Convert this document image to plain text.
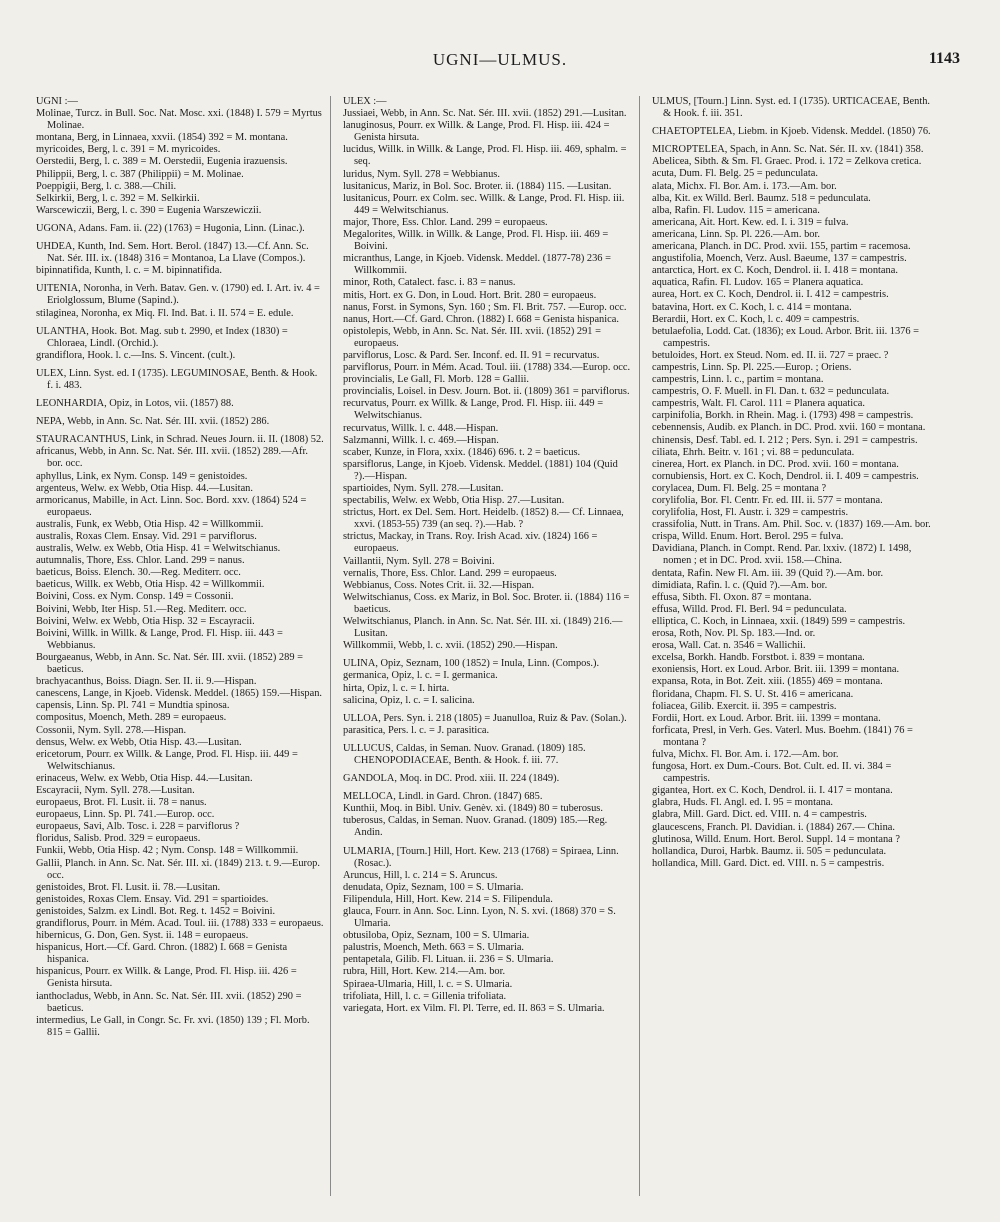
UGNI—ULMUS.	1143

UGNI :—

Molinae, Turcz. in Bull. Soc. Nat. Mosc. xxi. (1848) I. 579 = Myrtus Molinae.

montana, Berg, in Linnaea, xxvii. (1854) 392 = M. montana.

myricoides, Berg, l. c. 391 = M. myricoides.

Oerstedii, Berg, l. c. 389 = M. Oerstedii, Eugenia irazuensis.

Philippii, Berg, l. c. 387 (Philippii) = M. Molinae.

Poeppigii, Berg, l. c. 388.—Chili.

Selkirkii, Berg, l. c. 392 = M. Selkirkii.

Warscewiczii, Berg, l. c. 390 = Eugenia Warszewiczii.

UGONA, Adans. Fam. ii. (22) (1763) = Hugonia, Linn. (Linac.).

UHDEA, Kunth, Ind. Sem. Hort. Berol. (1847) 13.—Cf. Ann. Sc. Nat. Sér. III. ix. (1848) 316 = Montanoa, La Llave (Compos.).

bipinnatifida, Kunth, l. c. = M. bipinnatifida.

UITENIA, Noronha, in Verh. Batav. Gen. v. (1790) ed. I. Art. iv. 4 = Eriolglossum, Blume (Sapind.).

stilaginea, Noronha, ex Miq. Fl. Ind. Bat. i. II. 574 = E. edule.

ULANTHA, Hook. Bot. Mag. sub t. 2990, et Index (1830) = Chloraea, Lindl. (Orchid.).

grandiflora, Hook. l. c.—Ins. S. Vincent. (cult.).

ULEX, Linn. Syst. ed. I (1735). LEGUMINOSAE, Benth. & Hook. f. i. 483.

LEONHARDIA, Opiz, in Lotos, vii. (1857) 88.

NEPA, Webb, in Ann. Sc. Nat. Sér. III. xvii. (1852) 286.

STAURACANTHUS, Link, in Schrad. Neues Journ. ii. II. (1808) 52.

africanus, Webb, in Ann. Sc. Nat. Sér. III. xvii. (1852) 289.—Afr. bor. occ.

aphyllus, Link, ex Nym. Consp. 149 = genistoides.

argenteus, Welw. ex Webb, Otia Hisp. 44.—Lusitan.

armoricanus, Mabille, in Act. Linn. Soc. Bord. xxv. (1864) 524 = europaeus.

australis, Funk, ex Webb, Otia Hisp. 42 = Willkommii.

australis, Roxas Clem. Ensay. Vid. 291 = parviflorus.

australis, Welw. ex Webb, Otia Hisp. 41 = Welwitschianus.

autumnalis, Thore, Ess. Chlor. Land. 299 = nanus.

baeticus, Boiss. Elench. 30.—Reg. Mediterr. occ.

baeticus, Willk. ex Webb, Otia Hisp. 42 = Willkommii.

Boivini, Coss. ex Nym. Consp. 149 = Cossonii.

Boivini, Webb, Iter Hisp. 51.—Reg. Mediterr. occ.

Boivini, Welw. ex Webb, Otia Hisp. 32 = Escayracii.

Boivini, Willk. in Willk. & Lange, Prod. Fl. Hisp. iii. 443 = Webbianus.

Bourgaeanus, Webb, in Ann. Sc. Nat. Sér. III. xvii. (1852) 289 = baeticus.

brachyacanthus, Boiss. Diagn. Ser. II. ii. 9.—Hispan.

canescens, Lange, in Kjoeb. Vidensk. Meddel. (1865) 159.—Hispan.

capensis, Linn. Sp. Pl. 741 = Mundtia spinosa.

compositus, Moench, Meth. 289 = europaeus.

Cossonii, Nym. Syll. 278.—Hispan.

densus, Welw. ex Webb, Otia Hisp. 43.—Lusitan.

ericetorum, Pourr. ex Willk. & Lange, Prod. Fl. Hisp. iii. 449 = Welwitschianus.

erinaceus, Welw. ex Webb, Otia Hisp. 44.—Lusitan.

Escayracii, Nym. Syll. 278.—Lusitan.

europaeus, Brot. Fl. Lusit. ii. 78 = nanus.

europaeus, Linn. Sp. Pl. 741.—Europ. occ.

europaeus, Savi, Alb. Tosc. i. 228 = parviflorus ?

floridus, Salisb. Prod. 329 = europaeus.

Funkii, Webb, Otia Hisp. 42 ; Nym. Consp. 148 = Willkommii.

Gallii, Planch. in Ann. Sc. Nat. Sér. III. xi. (1849) 213. t. 9.—Europ. occ.

genistoides, Brot. Fl. Lusit. ii. 78.—Lusitan.

genistoides, Roxas Clem. Ensay. Vid. 291 = spartioides.

genistoides, Salzm. ex Lindl. Bot. Reg. t. 1452 = Boivini.

grandiflorus, Pourr. in Mém. Acad. Toul. iii. (1788) 333 = europaeus.

hibernicus, G. Don, Gen. Syst. ii. 148 = europaeus.

hispanicus, Hort.—Cf. Gard. Chron. (1882) I. 668 = Genista hispanica.

hispanicus, Pourr. ex Willk. & Lange, Prod. Fl. Hisp. iii. 426 = Genista hirsuta.

ianthocladus, Webb, in Ann. Sc. Nat. Sér. III. xvii. (1852) 290 = baeticus.

intermedius, Le Gall, in Congr. Sc. Fr. xvi. (1850) 139 ; Fl. Morb. 815 = Gallii.

ULEX :—

Jussiaei, Webb, in Ann. Sc. Nat. Sér. III. xvii. (1852) 291.—Lusitan.

lanuginosus, Pourr. ex Willk. & Lange, Prod. Fl. Hisp. iii. 424 = Genista hirsuta.

lucidus, Willk. in Willk. & Lange, Prod. Fl. Hisp. iii. 469, sphalm. = seq.

luridus, Nym. Syll. 278 = Webbianus.

lusitanicus, Mariz, in Bol. Soc. Broter. ii. (1884) 115. —Lusitan.

lusitanicus, Pourr. ex Colm. sec. Willk. & Lange, Prod. Fl. Hisp. iii. 449 = Welwitschianus.

major, Thore, Ess. Chlor. Land. 299 = europaeus.

Megalorites, Willk. in Willk. & Lange, Prod. Fl. Hisp. iii. 469 = Boivini.

micranthus, Lange, in Kjoeb. Vidensk. Meddel. (1877-78) 236 = Willkommii.

minor, Roth, Catalect. fasc. i. 83 = nanus.

mitis, Hort. ex G. Don, in Loud. Hort. Brit. 280 = europaeus.

nanus, Forst. in Symons, Syn. 160 ; Sm. Fl. Brit. 757. —Europ. occ.

nanus, Hort.—Cf. Gard. Chron. (1882) I. 668 = Genista hispanica.

opistolepis, Webb, in Ann. Sc. Nat. Sér. III. xvii. (1852) 291 = europaeus.

parviflorus, Losc. & Pard. Ser. Inconf. ed. II. 91 = recurvatus.

parviflorus, Pourr. in Mém. Acad. Toul. iii. (1788) 334.—Europ. occ.

provincialis, Le Gall, Fl. Morb. 128 = Gallii.

provincialis, Loisel. in Desv. Journ. Bot. ii. (1809) 361 = parviflorus.

recurvatus, Pourr. ex Willk. & Lange, Prod. Fl. Hisp. iii. 449 = Welwitschianus.

recurvatus, Willk. l. c. 448.—Hispan.

Salzmanni, Willk. l. c. 469.—Hispan.

scaber, Kunze, in Flora, xxix. (1846) 696. t. 2 = baeticus.

sparsiflorus, Lange, in Kjoeb. Vidensk. Meddel. (1881) 104 (Quid ?).—Hispan.

spartioides, Nym. Syll. 278.—Lusitan.

spectabilis, Welw. ex Webb, Otia Hisp. 27.—Lusitan.

strictus, Hort. ex Del. Sem. Hort. Heidelb. (1852) 8.— Cf. Linnaea, xxvi. (1853-55) 739 (an seq. ?).—Hab. ?

strictus, Mackay, in Trans. Roy. Irish Acad. xiv. (1824) 166 = europaeus.

Vaillantii, Nym. Syll. 278 = Boivini.

vernalis, Thore, Ess. Chlor. Land. 299 = europaeus.

Webbianus, Coss. Notes Crit. ii. 32.—Hispan.

Welwitschianus, Coss. ex Mariz, in Bol. Soc. Broter. ii. (1884) 116 = baeticus.

Welwitschianus, Planch. in Ann. Sc. Nat. Sér. III. xi. (1849) 216.—Lusitan.

Willkommii, Webb, l. c. xvii. (1852) 290.—Hispan.

ULINA, Opiz, Seznam, 100 (1852) = Inula, Linn. (Compos.).

germanica, Opiz, l. c. = I. germanica.

hirta, Opiz, l. c. = I. hirta.

salicina, Opiz, l. c. = I. salicina.

ULLOA, Pers. Syn. i. 218 (1805) = Juanulloa, Ruiz & Pav. (Solan.).

parasitica, Pers. l. c. = J. parasitica.

ULLUCUS, Caldas, in Seman. Nuov. Granad. (1809) 185. CHENOPODIACEAE, Benth. & Hook. f. iii. 77.

GANDOLA, Moq. in DC. Prod. xiii. II. 224 (1849).

MELLOCA, Lindl. in Gard. Chron. (1847) 685.

Kunthii, Moq. in Bibl. Univ. Genèv. xi. (1849) 80 = tuberosus.

tuberosus, Caldas, in Seman. Nuov. Granad. (1809) 185.—Reg. Andin.

ULMARIA, [Tourn.] Hill, Hort. Kew. 213 (1768) = Spiraea, Linn. (Rosac.).

Aruncus, Hill, l. c. 214 = S. Aruncus.

denudata, Opiz, Seznam, 100 = S. Ulmaria.

Filipendula, Hill, Hort. Kew. 214 = S. Filipendula.

glauca, Fourr. in Ann. Soc. Linn. Lyon, N. S. xvi. (1868) 370 = S. Ulmaria.

obtusiloba, Opiz, Seznam, 100 = S. Ulmaria.

palustris, Moench, Meth. 663 = S. Ulmaria.

pentapetala, Gilib. Fl. Lituan. ii. 236 = S. Ulmaria.

rubra, Hill, Hort. Kew. 214.—Am. bor.

Spiraea-Ulmaria, Hill, l. c. = S. Ulmaria.

trifoliata, Hill, l. c. = Gillenia trifoliata.

variegata, Hort. ex Vilm. Fl. Pl. Terre, ed. II. 863 = S. Ulmaria.

ULMUS, [Tourn.] Linn. Syst. ed. I (1735). URTICACEAE, Benth. & Hook. f. iii. 351.

CHAETOPTELEA, Liebm. in Kjoeb. Vidensk. Meddel. (1850) 76.

MICROPTELEA, Spach, in Ann. Sc. Nat. Sér. II. xv. (1841) 358.

Abelicea, Sibth. & Sm. Fl. Graec. Prod. i. 172 = Zelkova cretica.

acuta, Dum. Fl. Belg. 25 = pedunculata.

alata, Michx. Fl. Bor. Am. i. 173.—Am. bor.

alba, Kit. ex Willd. Berl. Baumz. 518 = pedunculata.

alba, Rafin. Fl. Ludov. 115 = americana.

americana, Ait. Hort. Kew. ed. I. i. 319 = fulva.

americana, Linn. Sp. Pl. 226.—Am. bor.

americana, Planch. in DC. Prod. xvii. 155, partim = racemosa.

angustifolia, Moench, Verz. Ausl. Baeume, 137 = campestris.

antarctica, Hort. ex C. Koch, Dendrol. ii. I. 418 = montana.

aquatica, Rafin. Fl. Ludov. 165 = Planera aquatica.

aurea, Hort. ex C. Koch, Dendrol. ii. I. 412 = campestris.

batavina, Hort. ex C. Koch, l. c. 414 = montana.

Berardii, Hort. ex C. Koch, l. c. 409 = campestris.

betulaefolia, Lodd. Cat. (1836); ex Loud. Arbor. Brit. iii. 1376 = campestris.

betuloides, Hort. ex Steud. Nom. ed. II. ii. 727 = praec. ?

campestris, Linn. Sp. Pl. 225.—Europ. ; Oriens.

campestris, Linn. l. c., partim = montana.

campestris, O. F. Muell. in Fl. Dan. t. 632 = pedunculata.

campestris, Walt. Fl. Carol. 111 = Planera aquatica.

carpinifolia, Borkh. in Rhein. Mag. i. (1793) 498 = campestris.

cebennensis, Audib. ex Planch. in DC. Prod. xvii. 160 = montana.

chinensis, Desf. Tabl. ed. I. 212 ; Pers. Syn. i. 291 = campestris.

ciliata, Ehrh. Beitr. v. 161 ; vi. 88 = pedunculata.

cinerea, Hort. ex Planch. in DC. Prod. xvii. 160 = montana.

cornubiensis, Hort. ex C. Koch, Dendrol. ii. I. 409 = campestris.

corylacea, Dum. Fl. Belg. 25 = montana ?

corylifolia, Bor. Fl. Centr. Fr. ed. III. ii. 577 = montana.

corylifolia, Host, Fl. Austr. i. 329 = campestris.

crassifolia, Nutt. in Trans. Am. Phil. Soc. v. (1837) 169.—Am. bor.

crispa, Willd. Enum. Hort. Berol. 295 = fulva.

Davidiana, Planch. in Compt. Rend. Par. lxxiv. (1872) I. 1498, nomen ; et in DC. Prod. xvii. 158.—China.

dentata, Rafin. New Fl. Am. iii. 39 (Quid ?).—Am. bor.

dimidiata, Rafin. l. c. (Quid ?).—Am. bor.

effusa, Sibth. Fl. Oxon. 87 = montana.

effusa, Willd. Prod. Fl. Berl. 94 = pedunculata.

elliptica, C. Koch, in Linnaea, xxii. (1849) 599 = campestris.

erosa, Roth, Nov. Pl. Sp. 183.—Ind. or.

erosa, Wall. Cat. n. 3546 = Wallichii.

excelsa, Borkh. Handb. Forstbot. i. 839 = montana.

exoniensis, Hort. ex Loud. Arbor. Brit. iii. 1399 = montana.

expansa, Rota, in Bot. Zeit. xiii. (1855) 469 = montana.

floridana, Chapm. Fl. S. U. St. 416 = americana.

foliacea, Gilib. Exercit. ii. 395 = campestris.

Fordii, Hort. ex Loud. Arbor. Brit. iii. 1399 = montana.

forficata, Presl, in Verh. Ges. Vaterl. Mus. Boehm. (1841) 76 = montana ?

fulva, Michx. Fl. Bor. Am. i. 172.—Am. bor.

fungosa, Hort. ex Dum.-Cours. Bot. Cult. ed. II. vi. 384 = campestris.

gigantea, Hort. ex C. Koch, Dendrol. ii. I. 417 = montana.

glabra, Huds. Fl. Angl. ed. I. 95 = montana.

glabra, Mill. Gard. Dict. ed. VIII. n. 4 = campestris.

glaucescens, Franch. Pl. Davidian. i. (1884) 267.— China.

glutinosa, Willd. Enum. Hort. Berol. Suppl. 14 = montana ?

hollandica, Duroi, Harbk. Baumz. ii. 505 = pedunculata.

hollandica, Mill. Gard. Dict. ed. VIII. n. 5 = campestris.
